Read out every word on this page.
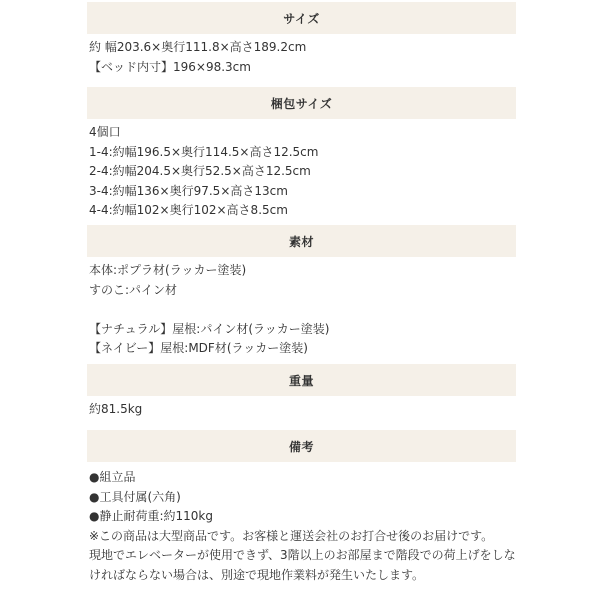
サイズ
約 幅203.6×奥行111.8×高さ189.2cm
【ベッド内寸】196×98.3cm
梱包サイズ
4個口
1-4:約幅196.5×奥行114.5×高さ12.5cm
2-4:約幅204.5×奥行52.5×高さ12.5cm
3-4:約幅136×奥行97.5×高さ13cm
4-4:約幅102×奥行102×高さ8.5cm
素材
本体:ポプラ材(ラッカー塗装)
すのこ:パイン材
【ナチュラル】屋根:パイン材(ラッカー塗装)
【ネイビー】屋根:MDF材(ラッカー塗装)
重量
約81.5kg
備考
●組立品
●工具付属(六角)
●静止耐荷重:約110kg
※この商品は大型商品です。お客様と運送会社のお打合せ後のお届けです。
現地でエレベーターが使用できず、3階以上のお部屋まで階段での荷上げをしな
ければならない場合は、別途で現地作業料が発生いたします。
